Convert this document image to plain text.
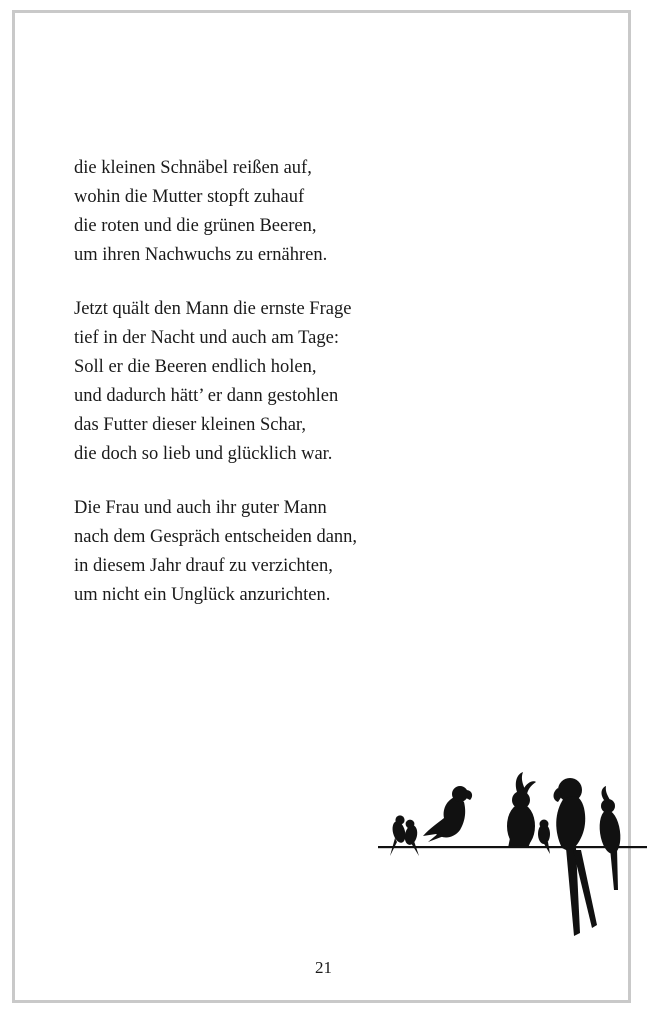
die kleinen Schnäbel reißen auf,
wohin die Mutter stopft zuhauf
die roten und die grünen Beeren,
um ihren Nachwuchs zu ernähren.
Jetzt quält den Mann die ernste Frage
tief in der Nacht und auch am Tage:
Soll er die Beeren endlich holen,
und dadurch hätt’ er dann gestohlen
das Futter dieser kleinen Schar,
die doch so lieb und glücklich war.
Die Frau und auch ihr guter Mann
nach dem Gespräch entscheiden dann,
in diesem Jahr drauf zu verzichten,
um nicht ein Unglück anzurichten.
21
